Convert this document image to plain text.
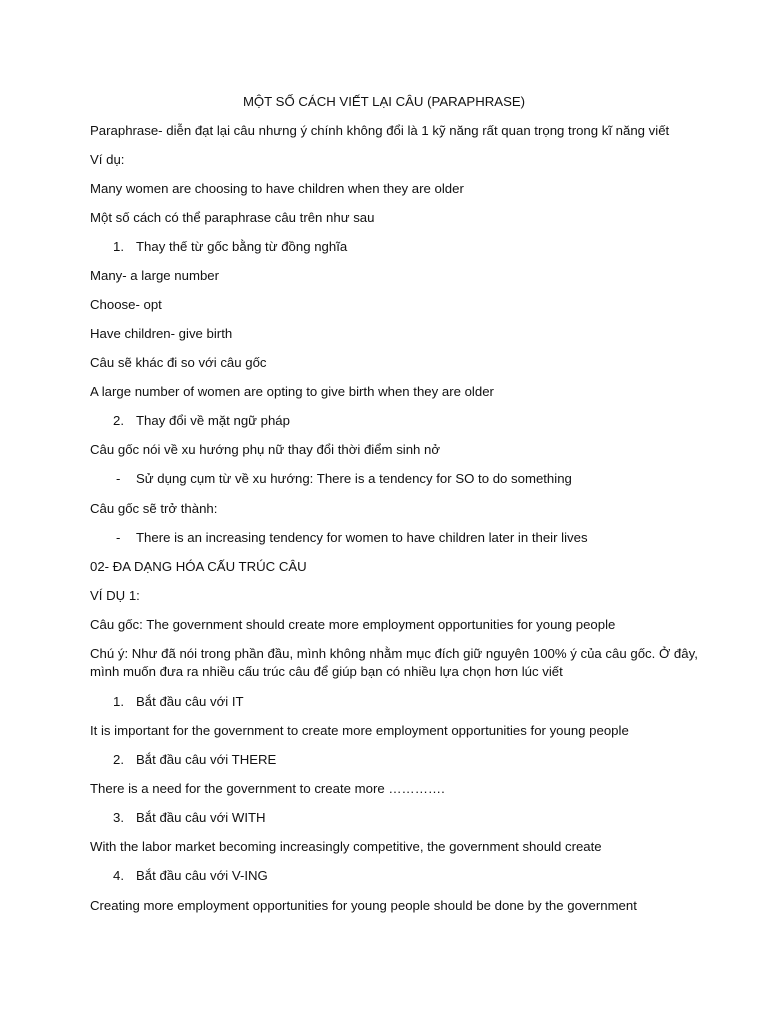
MỘT SỐ CÁCH VIẾT LẠI CÂU (PARAPHRASE)
Paraphrase- diễn đạt lại câu nhưng ý chính không đổi là 1 kỹ năng rất quan trọng trong kĩ năng viết
Ví dụ:
Many women are choosing to have children when they are older
Một số cách có thể paraphrase câu trên như sau
1. Thay thế từ gốc bằng từ đồng nghĩa
Many- a large number
Choose- opt
Have children- give birth
Câu sẽ khác đi so với câu gốc
A large number of women are opting to give birth when they are older
2. Thay đổi về mặt ngữ pháp
Câu gốc nói về xu hướng phụ nữ thay đổi thời điểm sinh nở
- Sử dụng cụm từ về xu hướng: There is a tendency for SO to do something
Câu gốc sẽ trở thành:
- There is an increasing tendency for women to have children later in their lives
02- ĐA DẠNG HÓA CẤU TRÚC CÂU
VÍ DỤ 1:
Câu gốc: The government should create more employment opportunities for young people
Chú ý: Như đã nói trong phần đầu, mình không nhằm mục đích giữ nguyên 100% ý của câu gốc. Ở đây,
mình muốn đưa ra nhiều cấu trúc câu để giúp bạn có nhiều lựa chọn hơn lúc viết
1. Bắt đầu câu với IT
It is important for the government to create more employment opportunities for young people
2. Bắt đầu câu với THERE
There is a need for the government to create more ………….
3. Bắt đầu câu với WITH
With the labor market becoming increasingly competitive, the government should create
4. Bắt đầu câu với V-ING
Creating more employment opportunities for young people should be done by the government
